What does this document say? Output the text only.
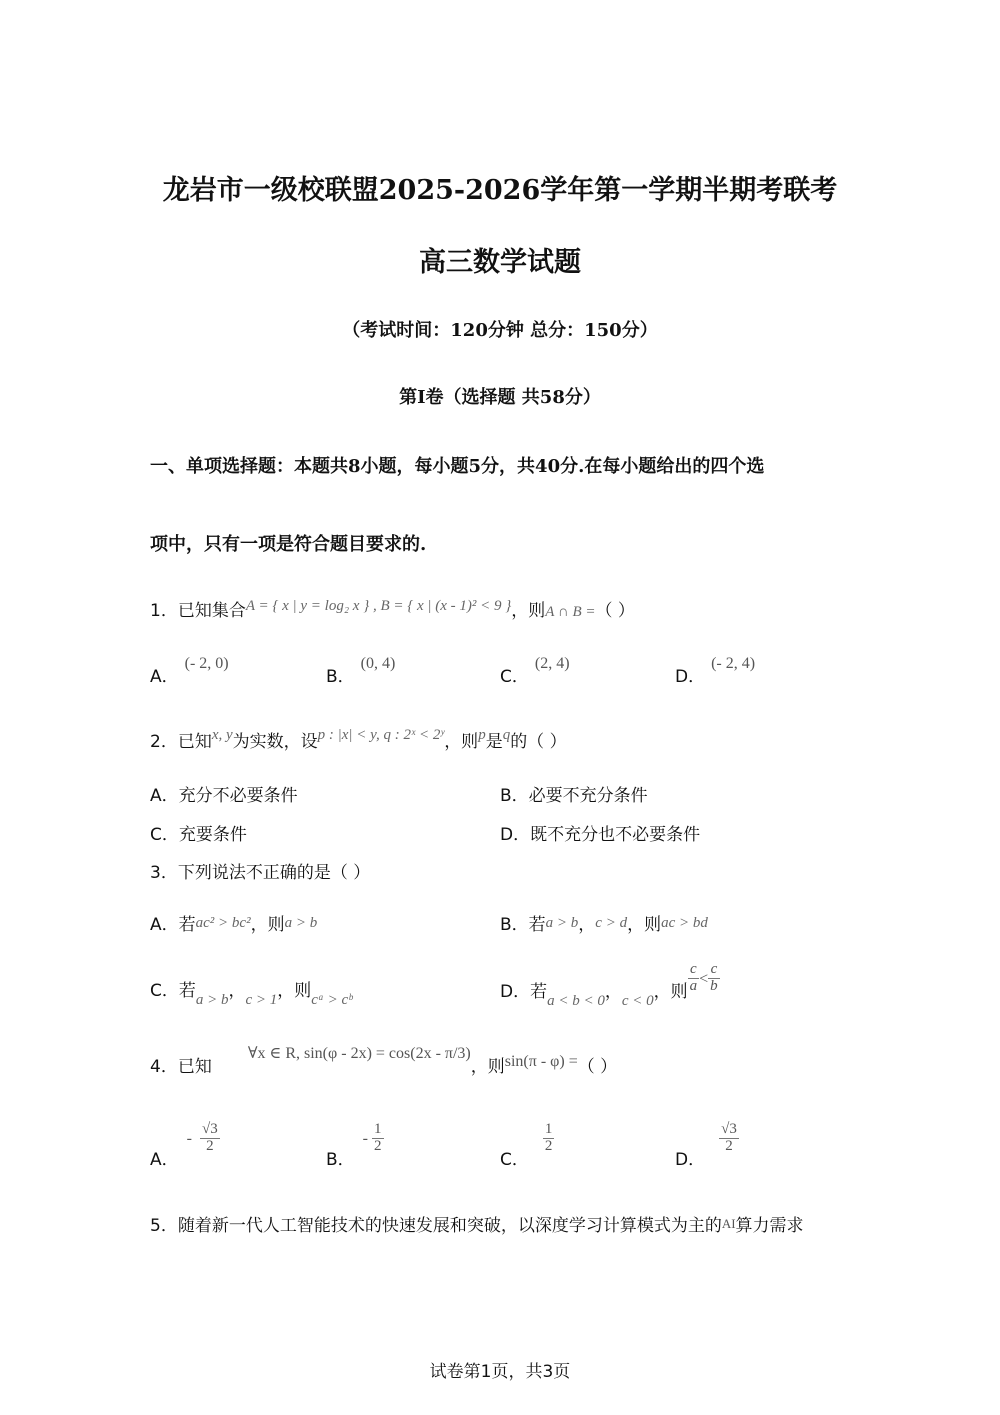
龙岩市一级校联盟2025-2026学年第一学期半期考联考
高三数学试题
（考试时间：120分钟 总分：150分）
第I卷（选择题 共58分）
一、单项选择题：本题共8小题，每小题5分，共40分.在每小题给出的四个选
项中，只有一项是符合题目要求的.
1．已知集合A = { x | y = log₂ x } , B = { x | (x - 1)² < 9 }，则A ∩ B =（ ）
A．(- 2, 0)
B．(0, 4)
C．(2, 4)
D．(- 2, 4)
2．已知x, y为实数，设p : |x| < y, q : 2ˣ < 2ʸ，则p是q的（ ）
A．充分不必要条件	B．必要不充分条件
C．充要条件	D．既不充分也不必要条件
3．下列说法不正确的是（ ）
A．若ac² > bc²，则a > b	B．若a > b，c > d，则ac > bd
C．若a > b，c > 1，则cᵃ > cᵇ	D．若a < b < 0，c < 0，则 $\frac{c}{a} < \frac{c}{b}$
4．已知∀x ∈ R, sin(φ - 2x) = cos(2x - π/3)，则sin(π - φ) =（ ）
A．- $\frac{√3}{2}$
B．- $\frac{1}{2}$
C．
$\frac{1}{2}$
D．
$\frac{√3}{2}$
5．随着新一代人工智能技术的快速发展和突破，以深度学习计算模式为主的AI算力需求
试卷第1页，共3页
